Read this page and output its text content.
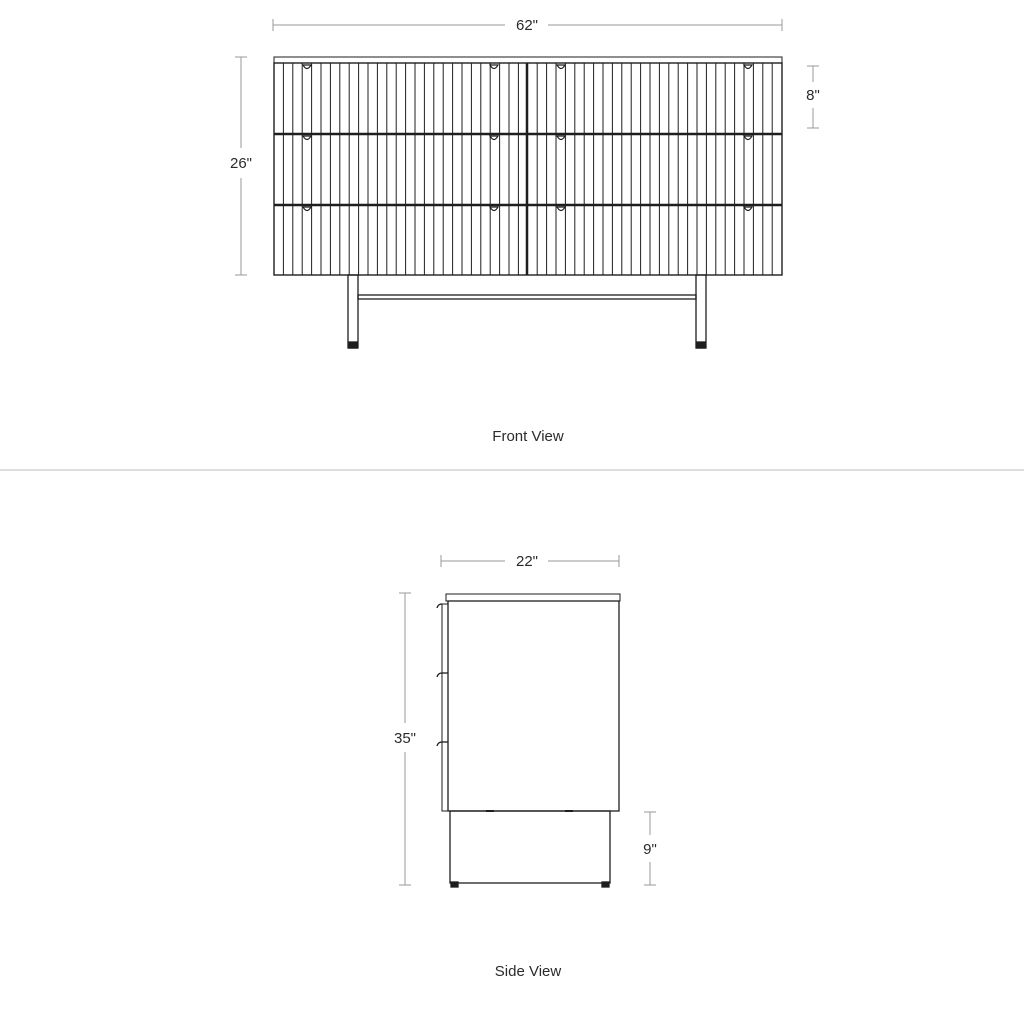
62"
26"
8"
Front View
22"
35"
9"
Side View
